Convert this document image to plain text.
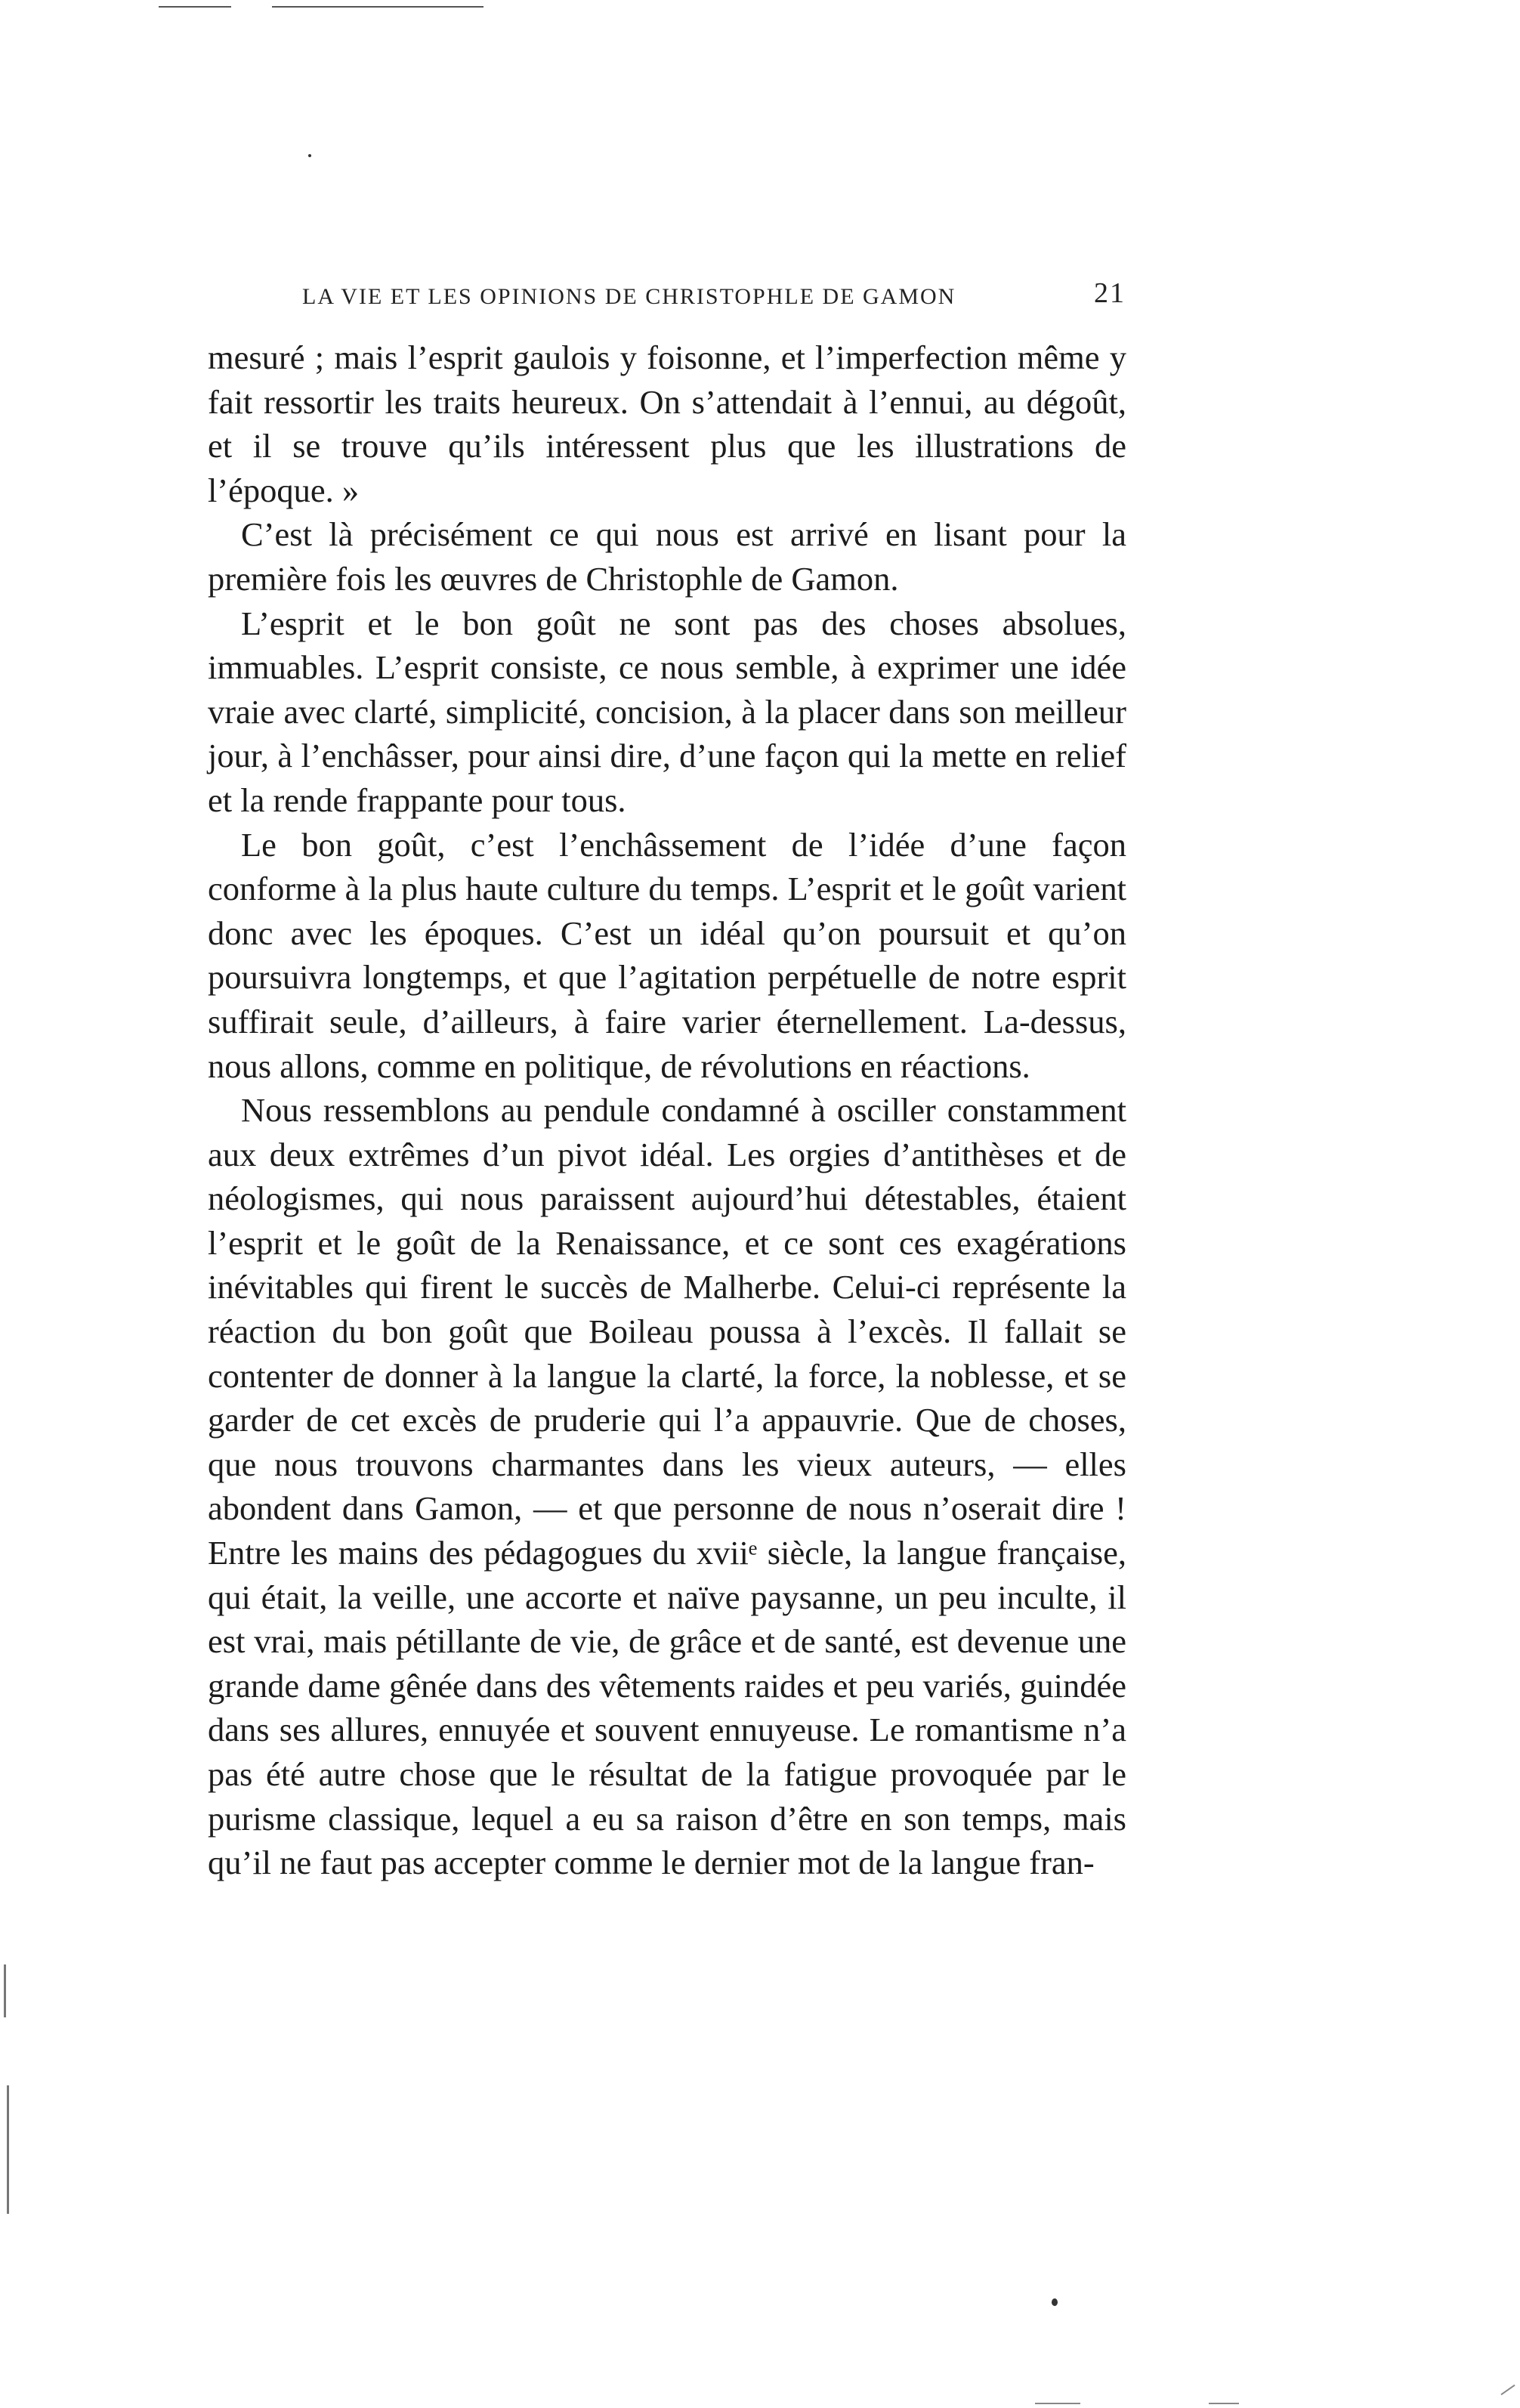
LA VIE ET LES OPINIONS DE CHRISTOPHLE DE GAMON	21

mesuré ; mais l’esprit gaulois y foisonne, et l’imperfection même y fait ressortir les traits heureux. On s’attendait à l’ennui, au dégoût, et il se trouve qu’ils intéressent plus que les illustrations de l’époque. »

C’est là précisément ce qui nous est arrivé en lisant pour la première fois les œuvres de Christophle de Gamon.

L’esprit et le bon goût ne sont pas des choses absolues, immuables. L’esprit consiste, ce nous semble, à exprimer une idée vraie avec clarté, simplicité, concision, à la placer dans son meilleur jour, à l’enchâsser, pour ainsi dire, d’une façon qui la mette en relief et la rende frappante pour tous.

Le bon goût, c’est l’enchâssement de l’idée d’une façon conforme à la plus haute culture du temps. L’esprit et le goût varient donc avec les époques. C’est un idéal qu’on poursuit et qu’on poursuivra longtemps, et que l’agitation perpétuelle de notre esprit suffirait seule, d’ailleurs, à faire varier éternellement. La-dessus, nous allons, comme en politique, de révolutions en réactions.

Nous ressemblons au pendule condamné à osciller constamment aux deux extrêmes d’un pivot idéal. Les orgies d’antithèses et de néologismes, qui nous paraissent aujourd’hui détestables, étaient l’esprit et le goût de la Renaissance, et ce sont ces exagérations inévitables qui firent le succès de Malherbe. Celui-ci représente la réaction du bon goût que Boileau poussa à l’excès. Il fallait se contenter de donner à la langue la clarté, la force, la noblesse, et se garder de cet excès de pruderie qui l’a appauvrie. Que de choses, que nous trouvons charmantes dans les vieux auteurs, — elles abondent dans Gamon, — et que personne de nous n’oserait dire ! Entre les mains des pédagogues du xviiᵉ siècle, la langue française, qui était, la veille, une accorte et naïve paysanne, un peu inculte, il est vrai, mais pétillante de vie, de grâce et de santé, est devenue une grande dame gênée dans des vêtements raides et peu variés, guindée dans ses allures, ennuyée et souvent ennuyeuse. Le romantisme n’a pas été autre chose que le résultat de la fatigue provoquée par le purisme classique, lequel a eu sa raison d’être en son temps, mais qu’il ne faut pas accepter comme le dernier mot de la langue fran-
